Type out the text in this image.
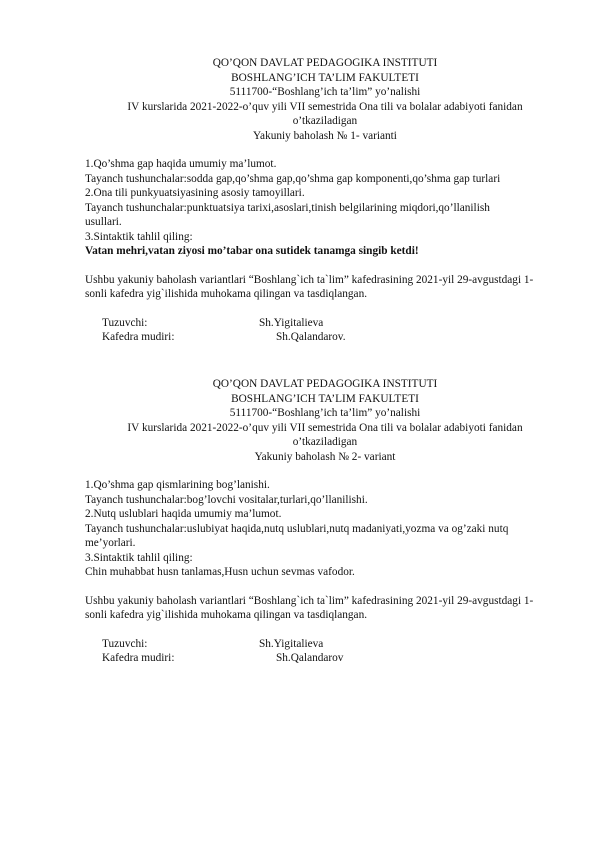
QO’QON DAVLAT PEDAGOGIKA INSTITUTI

BOSHLANG’ICH TA’LIM FAKULTETI

5111700-“Boshlang’ich ta’lim” yo’nalishi

IV kurslarida 2021-2022-o’quv yili VII semestrida Ona tili va bolalar adabiyoti fanidan

o’tkaziladigan

Yakuniy baholash № 1- varianti

1.Qo’shma gap haqida umumiy ma’lumot.

Tayanch tushunchalar:sodda gap,qo’shma gap,qo’shma gap komponenti,qo’shma gap turlari

2.Ona tili punkyuatsiyasining asosiy tamoyillari.

Tayanch tushunchalar:punktuatsiya tarixi,asoslari,tinish belgilarining miqdori,qo’llanilish

usullari.

3.Sintaktik tahlil qiling:

Vatan mehri,vatan ziyosi mo’tabar ona sutidek tanamga singib ketdi!

Ushbu yakuniy baholash variantlari “Boshlang`ich ta`lim” kafedrasining 2021-yil 29-avgustdagi 1-

sonli kafedra yig`ilishida muhokama qilingan va tasdiqlangan.

Tuzuvchi:	Sh.Yigitalieva
Kafedra mudiri:	Sh.Qalandarov.

QO’QON DAVLAT PEDAGOGIKA INSTITUTI

BOSHLANG’ICH TA’LIM FAKULTETI

5111700-“Boshlang’ich ta’lim” yo’nalishi

IV kurslarida 2021-2022-o’quv yili VII semestrida Ona tili va bolalar adabiyoti fanidan

o’tkaziladigan

Yakuniy baholash № 2- variant

1.Qo’shma gap qismlarining bog’lanishi.

Tayanch tushunchalar:bog’lovchi vositalar,turlari,qo’llanilishi.

2.Nutq uslublari haqida umumiy ma’lumot.

Tayanch tushunchalar:uslubiyat haqida,nutq uslublari,nutq madaniyati,yozma va og’zaki nutq

me’yorlari.

3.Sintaktik tahlil qiling:

Chin muhabbat husn tanlamas,Husn uchun sevmas vafodor.

Ushbu yakuniy baholash variantlari “Boshlang`ich ta`lim” kafedrasining 2021-yil 29-avgustdagi 1-

sonli kafedra yig`ilishida muhokama qilingan va tasdiqlangan.

Tuzuvchi:	Sh.Yigitalieva
Kafedra mudiri:	Sh.Qalandarov
